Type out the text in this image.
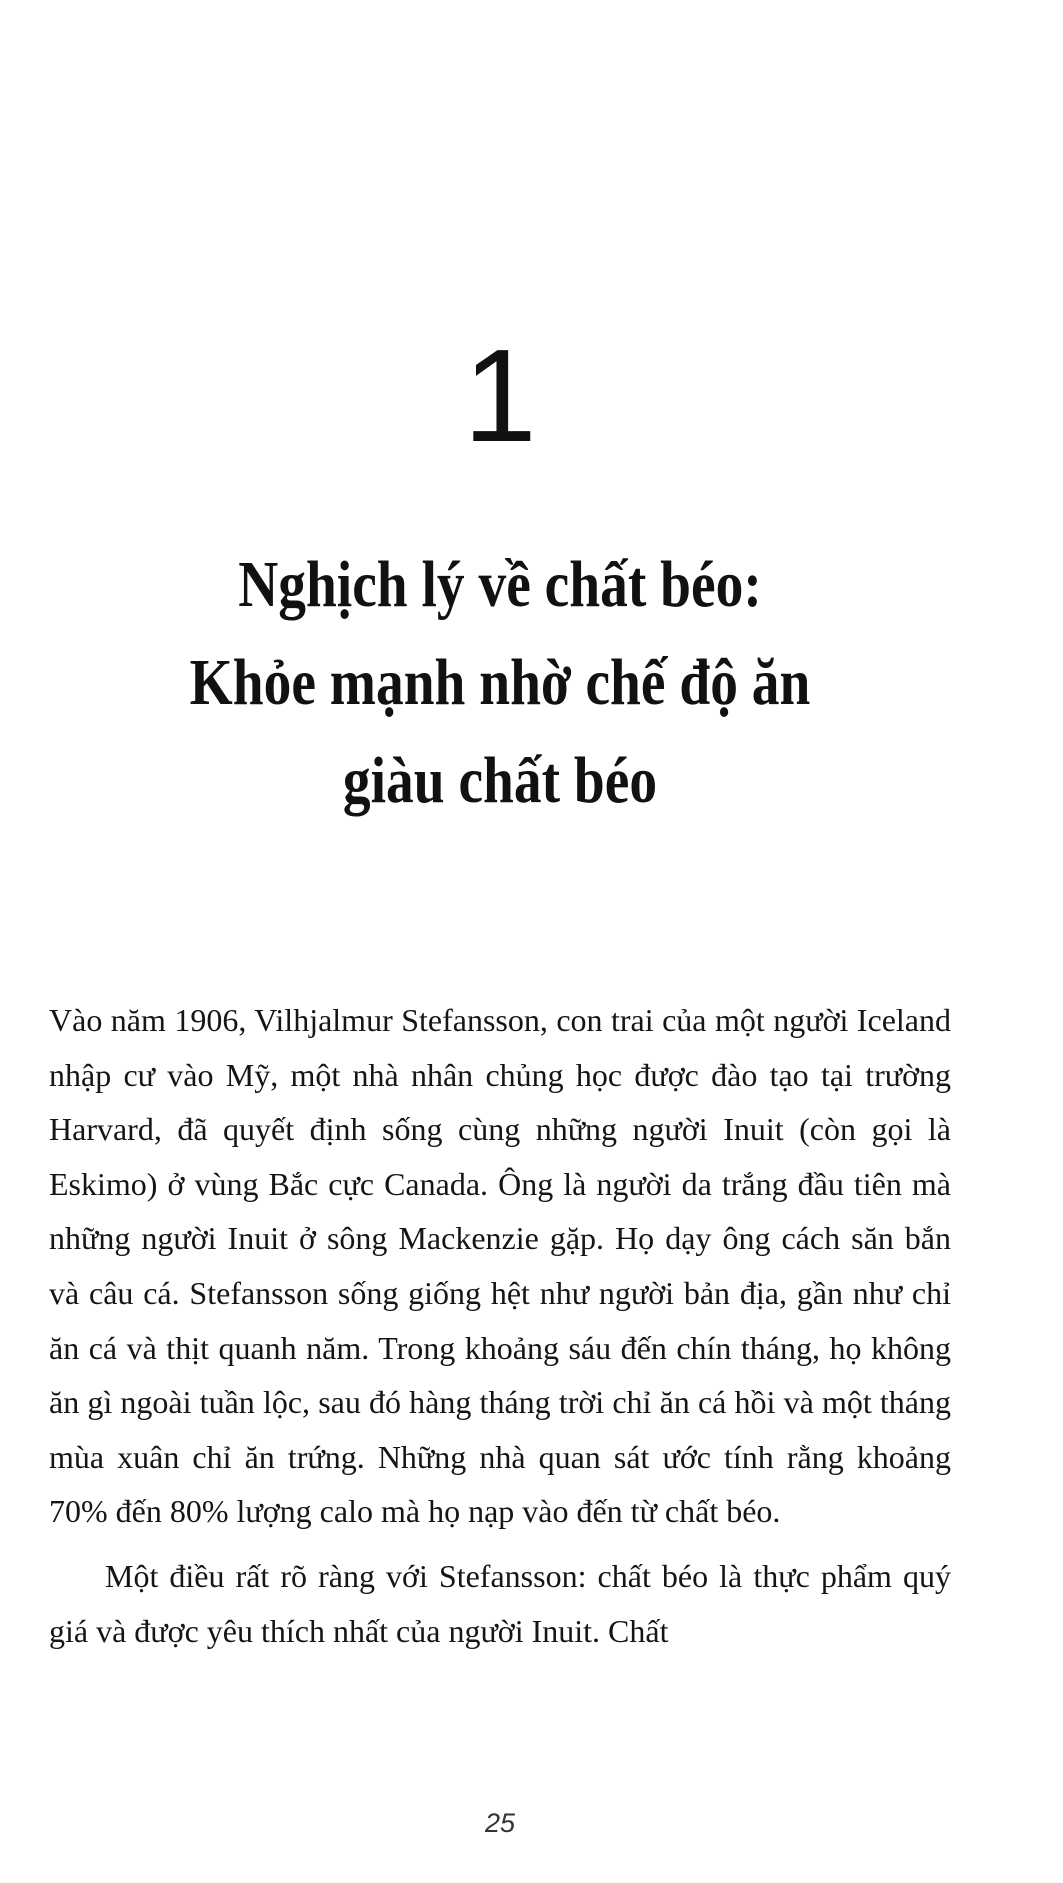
1
Nghịch lý về chất béo:
Khỏe mạnh nhờ chế độ ăn
giàu chất béo

Vào năm 1906, Vilhjalmur Stefansson, con trai của một người Iceland nhập cư vào Mỹ, một nhà nhân chủng học được đào tạo tại trường Harvard, đã quyết định sống cùng những người Inuit (còn gọi là Eskimo) ở vùng Bắc cực Canada. Ông là người da trắng đầu tiên mà những người Inuit ở sông Mackenzie gặp. Họ dạy ông cách săn bắn và câu cá. Stefansson sống giống hệt như người bản địa, gần như chỉ ăn cá và thịt quanh năm. Trong khoảng sáu đến chín tháng, họ không ăn gì ngoài tuần lộc, sau đó hàng tháng trời chỉ ăn cá hồi và một tháng mùa xuân chỉ ăn trứng. Những nhà quan sát ước tính rằng khoảng 70% đến 80% lượng calo mà họ nạp vào đến từ chất béo.

Một điều rất rõ ràng với Stefansson: chất béo là thực phẩm quý giá và được yêu thích nhất của người Inuit. Chất

25
